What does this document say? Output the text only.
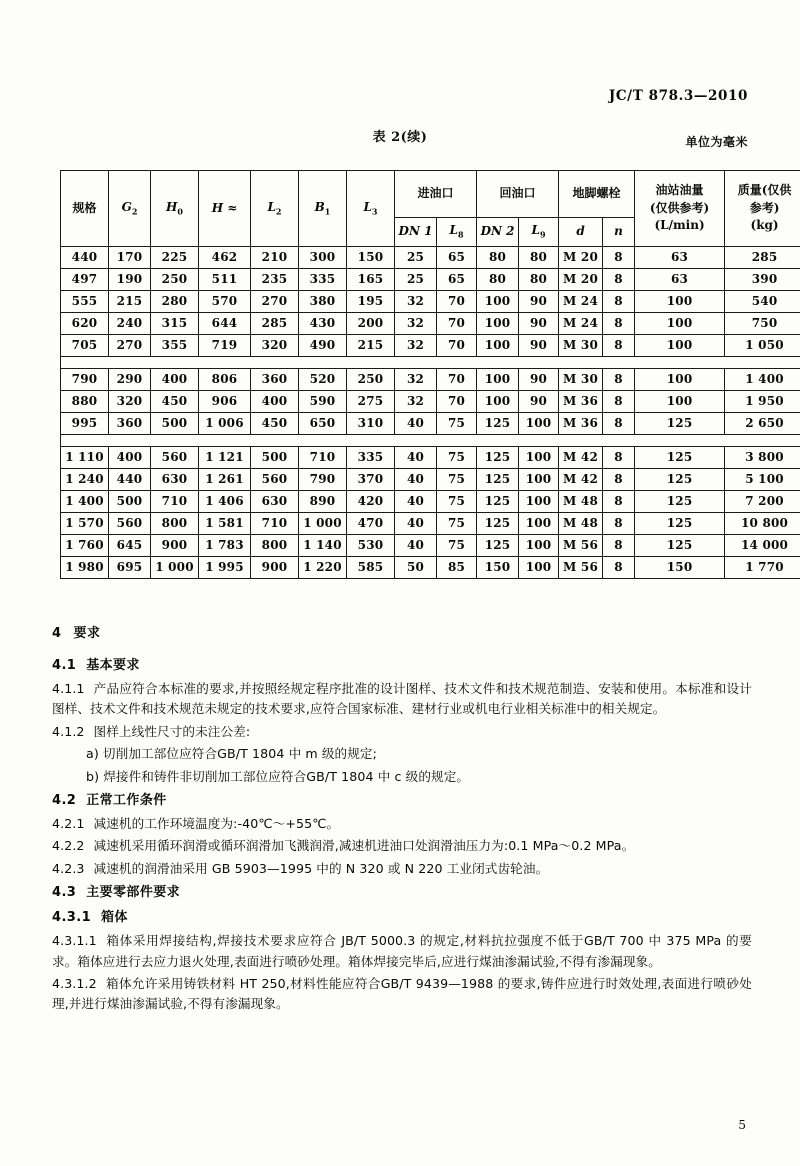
JC/T 878.3—2010
表 2(续)	单位为毫米
规格	$G_2$	$H_0$	H ≈	$L_2$	$B_1$	$L_3$	进油口		回油口		地脚螺栓		油站油量
(仅供参考)
(L/min)	质量(仅供
参考)
(kg)

							DN 1	$L_8$	DN 2	$L_9$	d	n		
440	170	225	462	210	300	150	25	65	80	80	M 20	8	63	285
497	190	250	511	235	335	165	25	65	80	80	M 20	8	63	390
555	215	280	570	270	380	195	32	70	100	90	M 24	8	100	540
620	240	315	644	285	430	200	32	70	100	90	M 24	8	100	750
705	270	355	719	320	490	215	32	70	100	90	M 30	8	100	1 050

790	290	400	806	360	520	250	32	70	100	90	M 30	8	100	1 400
880	320	450	906	400	590	275	32	70	100	90	M 36	8	100	1 950
995	360	500	1 006	450	650	310	40	75	125	100	M 36	8	125	2 650

1 110	400	560	1 121	500	710	335	40	75	125	100	M 42	8	125	3 800
1 240	440	630	1 261	560	790	370	40	75	125	100	M 42	8	125	5 100
1 400	500	710	1 406	630	890	420	40	75	125	100	M 48	8	125	7 200
1 570	560	800	1 581	710	1 000	470	40	75	125	100	M 48	8	125	10 800
1 760	645	900	1 783	800	1 140	530	40	75	125	100	M 56	8	125	14 000
1 980	695	1 000	1 995	900	1 220	585	50	85	150	100	M 56	8	150	1 770
4 要求
4.1 基本要求

4.1.1 产品应符合本标准的要求,并按照经规定程序批准的设计图样、技术文件和技术规范制造、安装和使用。本标准和设计图样、技术文件和技术规范未规定的技术要求,应符合国家标准、建材行业或机电行业相关标准中的相关规定。

4.1.2 图样上线性尺寸的未注公差:

a) 切削加工部位应符合GB/T 1804 中 m 级的规定;

b) 焊接件和铸件非切削加工部位应符合GB/T 1804 中 c 级的规定。

4.2 正常工作条件

4.2.1 减速机的工作环境温度为:-40℃～+55℃。

4.2.2 减速机采用循环润滑或循环润滑加飞溅润滑,减速机进油口处润滑油压力为:0.1 MPa～0.2 MPa。

4.2.3 减速机的润滑油采用 GB 5903—1995 中的 N 320 或 N 220 工业闭式齿轮油。

4.3 主要零部件要求
4.3.1 箱体

4.3.1.1 箱体采用焊接结构,焊接技术要求应符合 JB/T 5000.3 的规定,材料抗拉强度不低于GB/T 700 中 375 MPa 的要求。箱体应进行去应力退火处理,表面进行喷砂处理。箱体焊接完毕后,应进行煤油渗漏试验,不得有渗漏现象。

4.3.1.2 箱体允许采用铸铁材料 HT 250,材料性能应符合GB/T 9439—1988 的要求,铸件应进行时效处理,表面进行喷砂处理,并进行煤油渗漏试验,不得有渗漏现象。

5
